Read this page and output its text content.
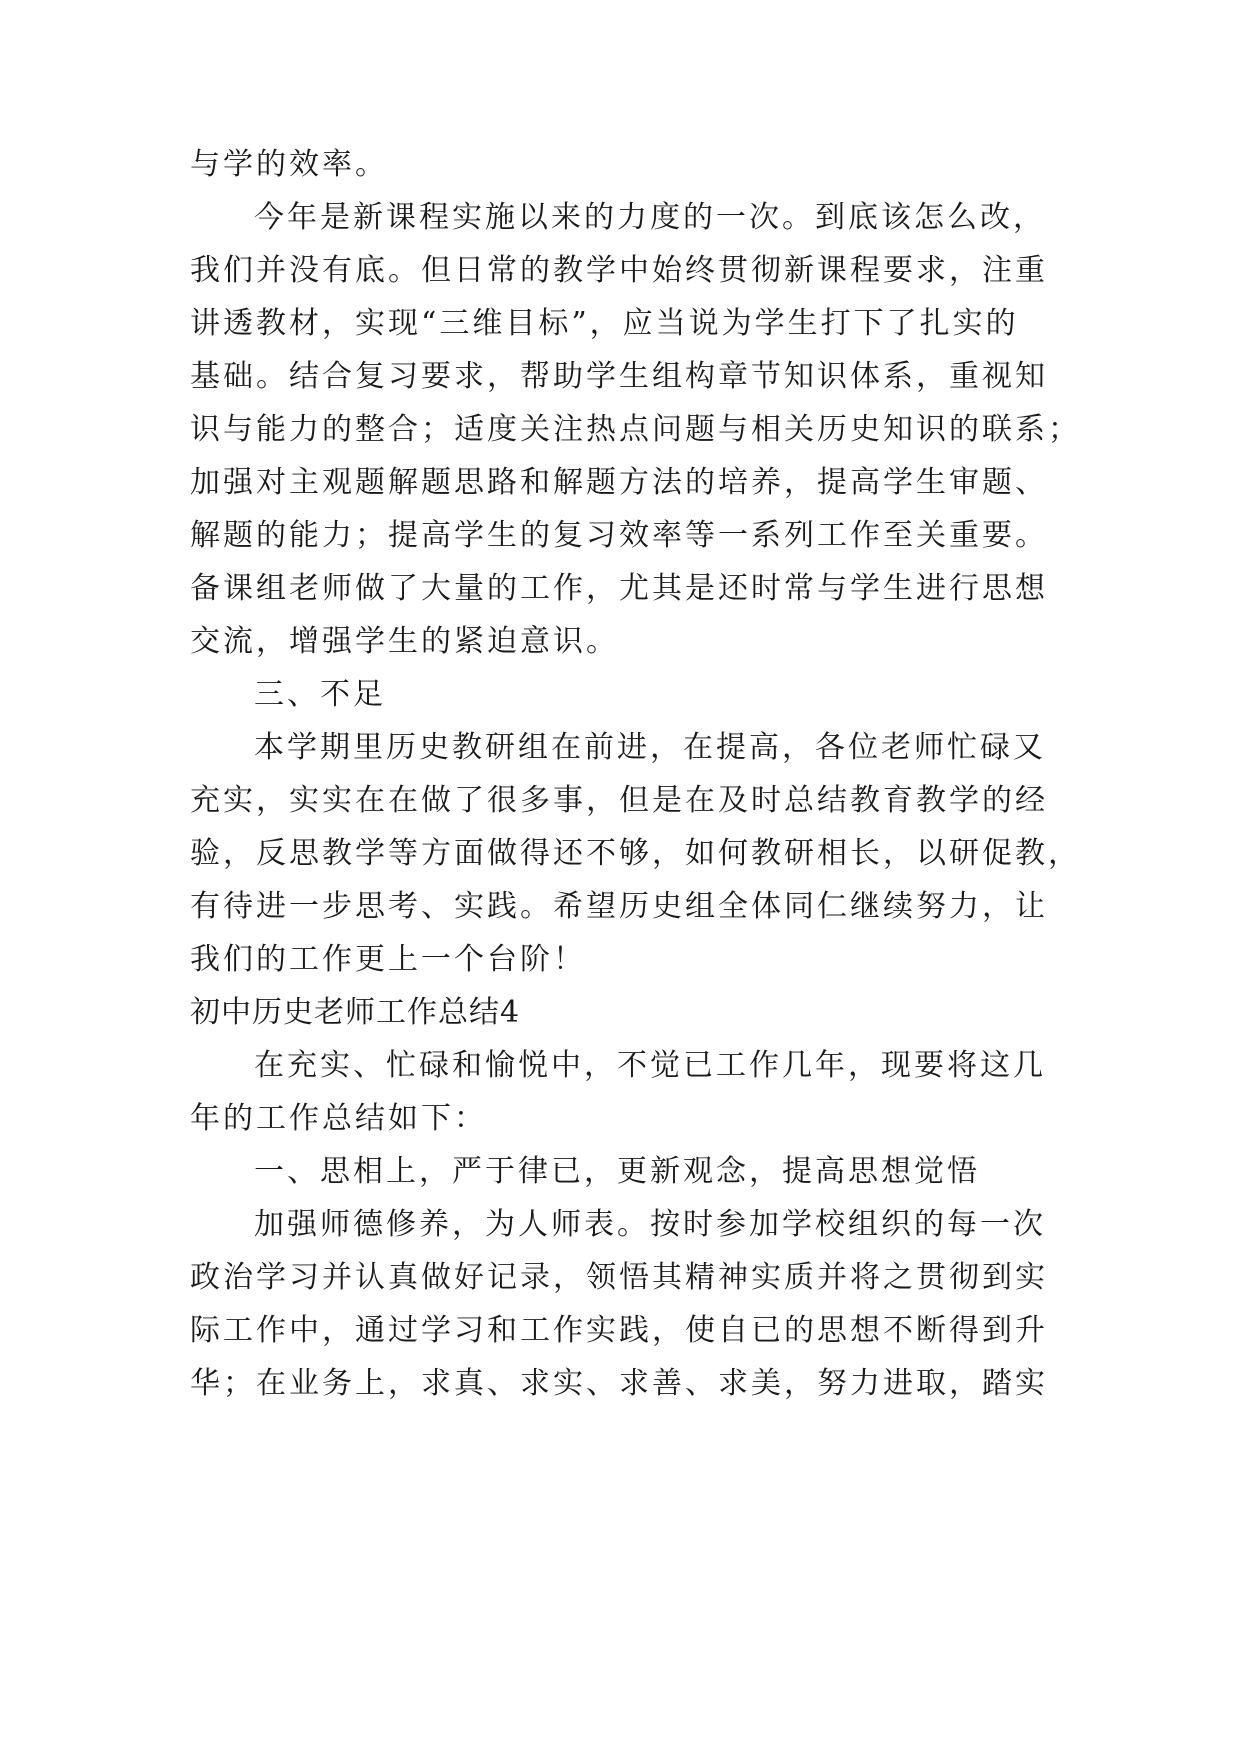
与学的效率。

今年是新课程实施以来的力度的一次。到底该怎么改，

我们并没有底。但日常的教学中始终贯彻新课程要求，注重

讲透教材，实现“三维目标”，应当说为学生打下了扎实的

基础。结合复习要求，帮助学生组构章节知识体系，重视知

识与能力的整合；适度关注热点问题与相关历史知识的联系；

加强对主观题解题思路和解题方法的培养，提高学生审题、

解题的能力；提高学生的复习效率等一系列工作至关重要。

备课组老师做了大量的工作，尤其是还时常与学生进行思想

交流，增强学生的紧迫意识。

三、不足

本学期里历史教研组在前进，在提高，各位老师忙碌又

充实，实实在在做了很多事，但是在及时总结教育教学的经

验，反思教学等方面做得还不够，如何教研相长，以研促教，

有待进一步思考、实践。希望历史组全体同仁继续努力，让

我们的工作更上一个台阶！

初中历史老师工作总结4

在充实、忙碌和愉悦中，不觉已工作几年，现要将这几

年的工作总结如下：

一、思相上，严于律已，更新观念，提高思想觉悟

加强师德修养，为人师表。按时参加学校组织的每一次

政治学习并认真做好记录，领悟其精神实质并将之贯彻到实

际工作中，通过学习和工作实践，使自已的思想不断得到升

华；在业务上，求真、求实、求善、求美，努力进取，踏实
